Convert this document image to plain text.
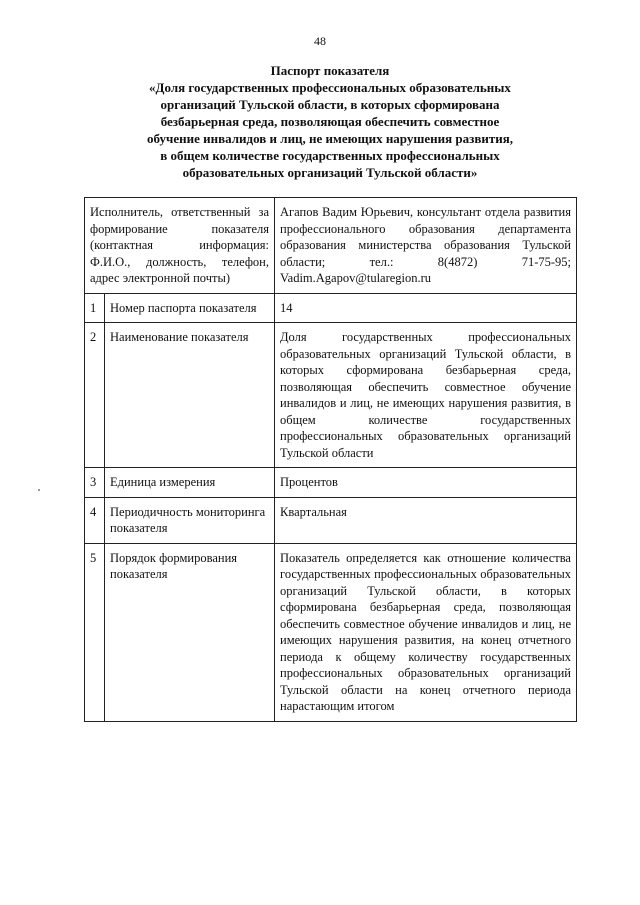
48
Паспорт показателя
«Доля государственных профессиональных образовательных
организаций Тульской области, в которых сформирована
безбарьерная среда, позволяющая обеспечить совместное
обучение инвалидов и лиц, не имеющих нарушения развития,
в общем количестве государственных профессиональных
образовательных организаций Тульской области»
Исполнитель, ответственный за формирование показателя (контактная информация: Ф.И.О., должность, телефон, адрес электронной почты)		Агапов Вадим Юрьевич, консультант отдела развития профессионального образования департамента образования министерства образования Тульской области; тел.: 8(4872) 71-75-95; Vadim.Agapov@tularegion.ru
1	Номер паспорта показателя	14
2	Наименование показателя	Доля государственных профессиональных образовательных организаций Тульской области, в которых сформирована безбарьерная среда, позволяющая обеспечить совместное обучение инвалидов и лиц, не имеющих нарушения развития, в общем количестве государственных профессиональных образовательных организаций Тульской области
3	Единица измерения	Процентов
4	Периодичность мониторинга показателя	Квартальная
5	Порядок формирования показателя	Показатель определяется как отношение количества государственных профессиональных образовательных организаций Тульской области, в которых сформирована безбарьерная среда, позволяющая обеспечить совместное обучение инвалидов и лиц, не имеющих нарушения развития, на конец отчетного периода к общему количеству государственных профессиональных образовательных организаций Тульской области на конец отчетного периода нарастающим итогом
